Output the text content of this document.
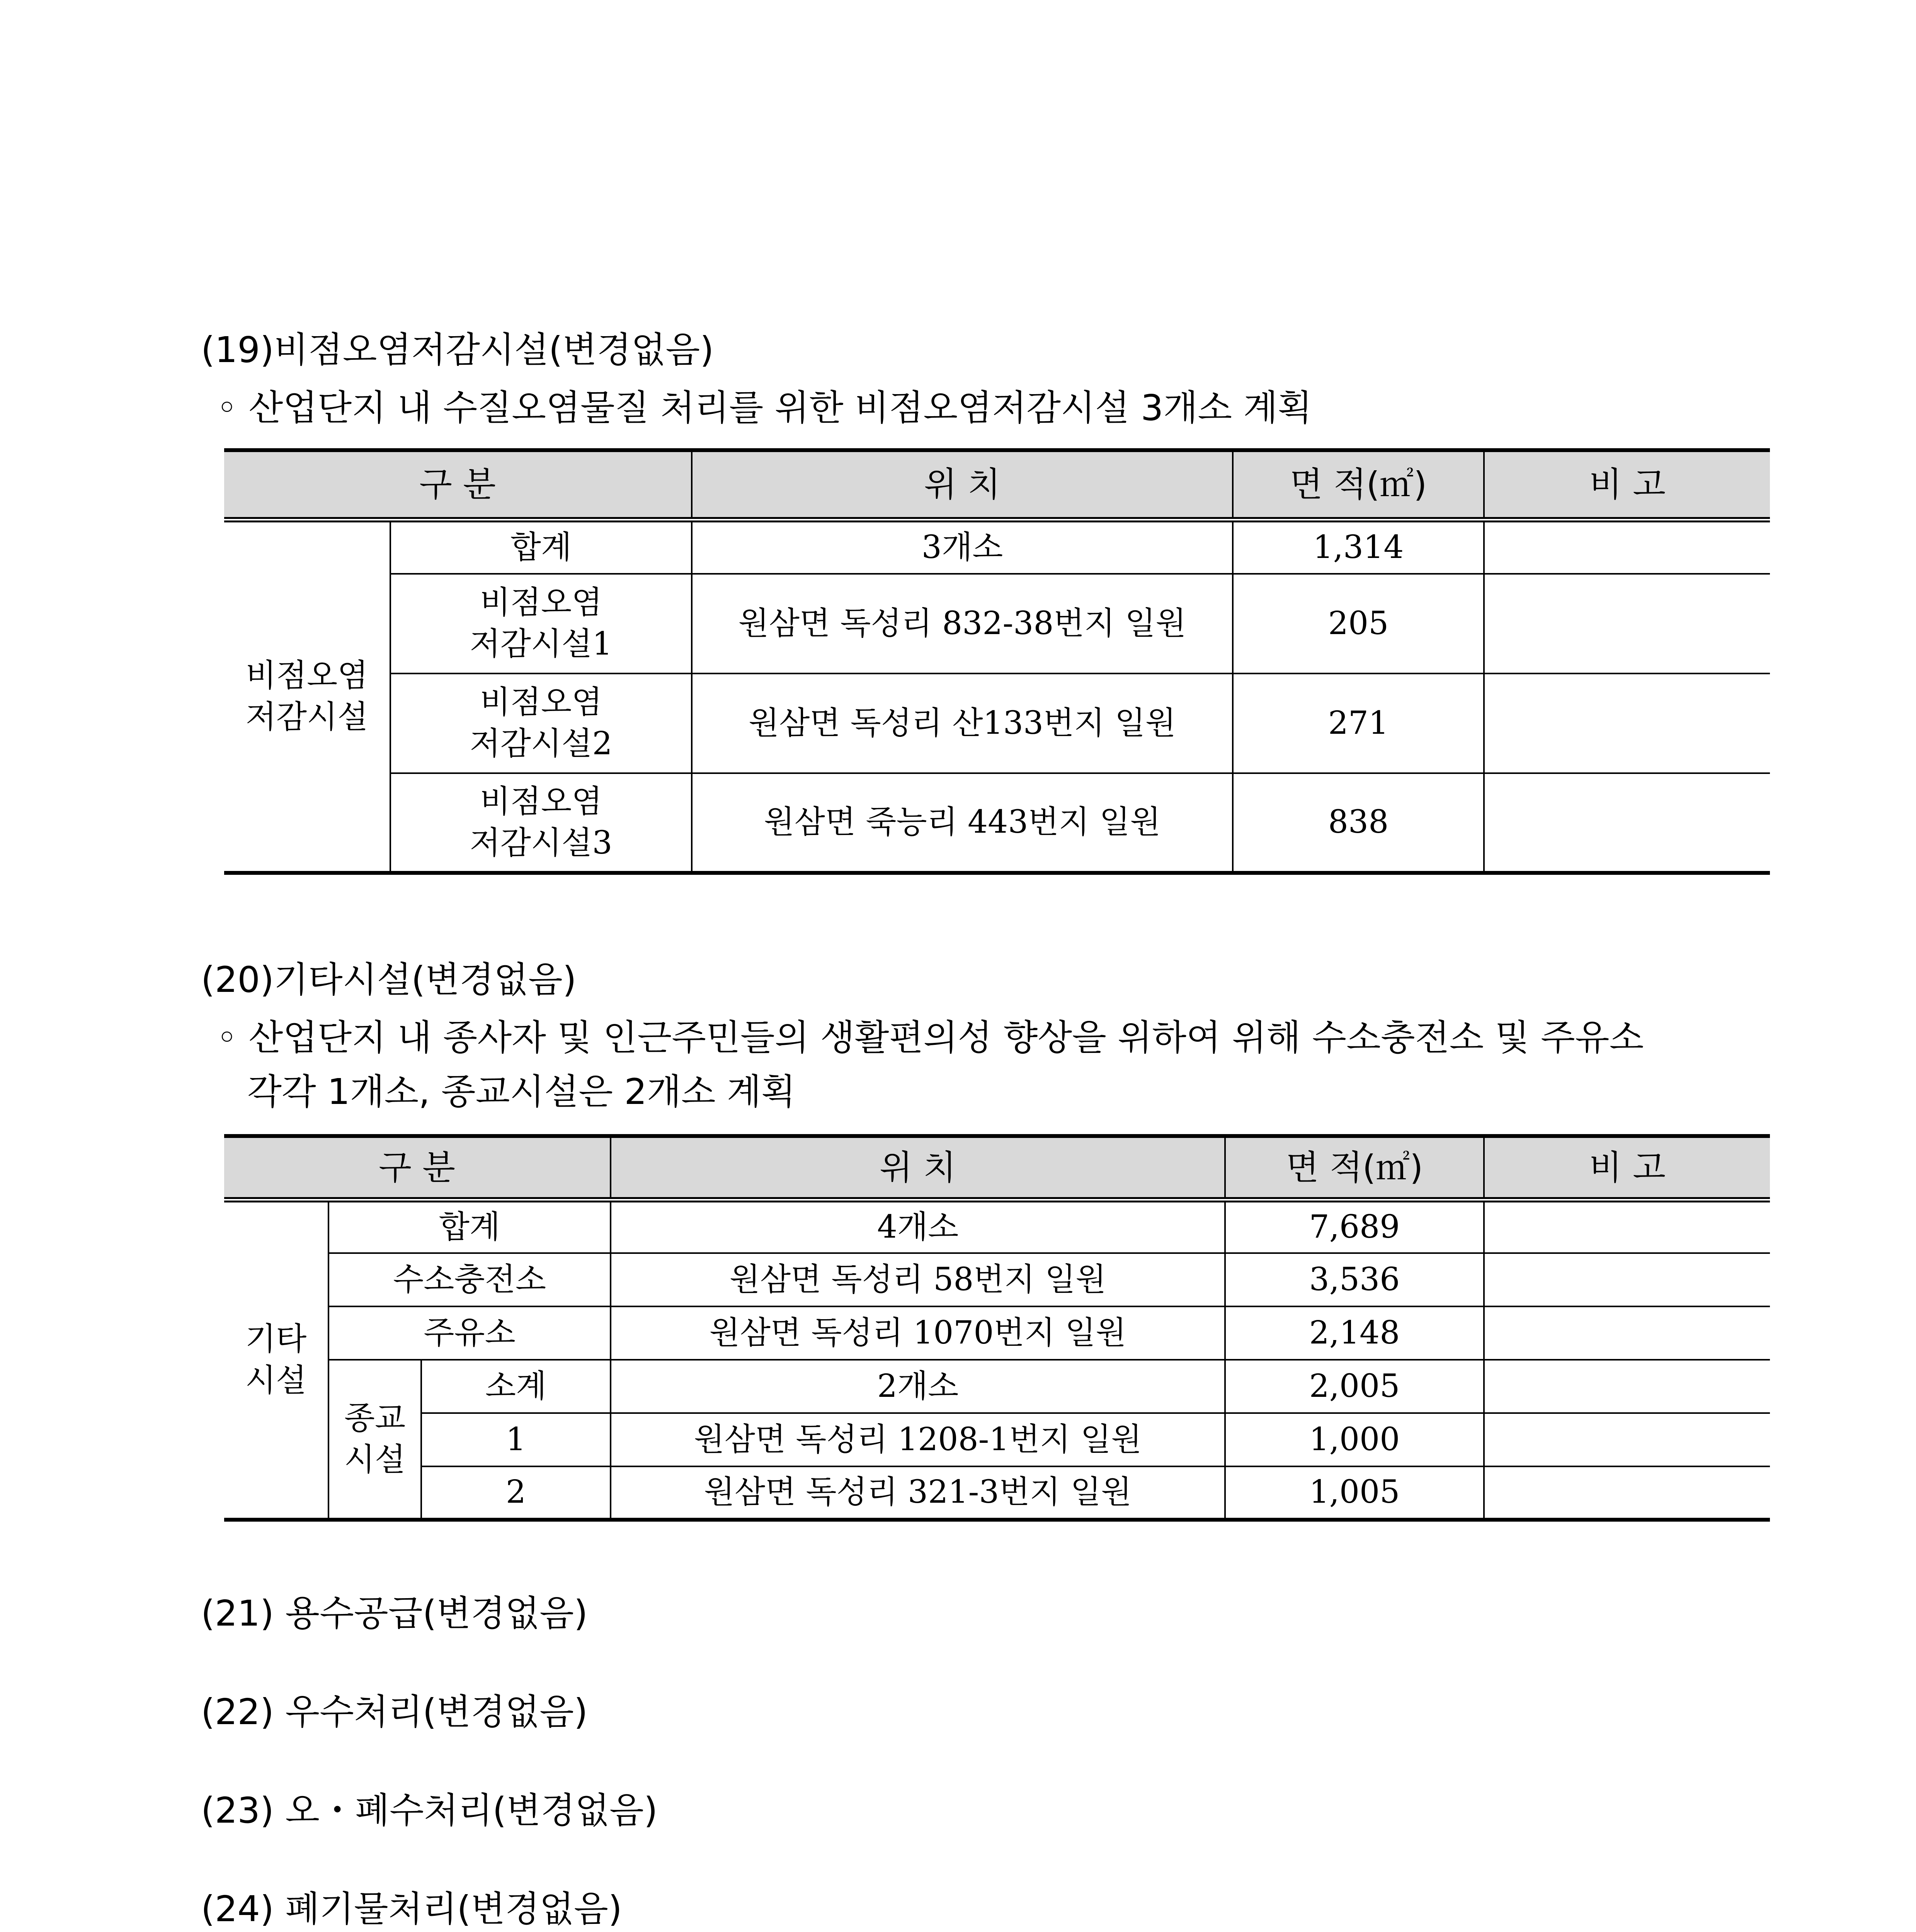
(19)비점오염저감시설(변경없음)
◦ 산업단지 내 수질오염물질 처리를 위한 비점오염저감시설 3개소 계획
구 분		위 치	면 적(㎡)	비 고

비점오염
저감시설	합계	3개소	1,314	

	비점오염
저감시설1	원삼면 독성리 832-38번지 일원	205	

	비점오염
저감시설2	원삼면 독성리 산133번지 일원	271	

	비점오염
저감시설3	원삼면 죽능리 443번지 일원	838	
(20)기타시설(변경없음)
◦ 산업단지 내 종사자 및 인근주민들의 생활편의성 향상을 위하여 위해 수소충전소 및 주유소
각각 1개소, 종교시설은 2개소 계획
구 분			위 치	면 적(㎡)	비 고

기타
시설	합계		4개소	7,689	
	수소충전소		원삼면 독성리 58번지 일원	3,536	
	주유소		원삼면 독성리 1070번지 일원	2,148	

	종교
시설	소계	2개소	2,005	
		1	원삼면 독성리 1208-1번지 일원	1,000	
		2	원삼면 독성리 321-3번지 일원	1,005	
(21) 용수공급(변경없음)
(22) 우수처리(변경없음)
(23) 오・폐수처리(변경없음)
(24) 폐기물처리(변경없음)
